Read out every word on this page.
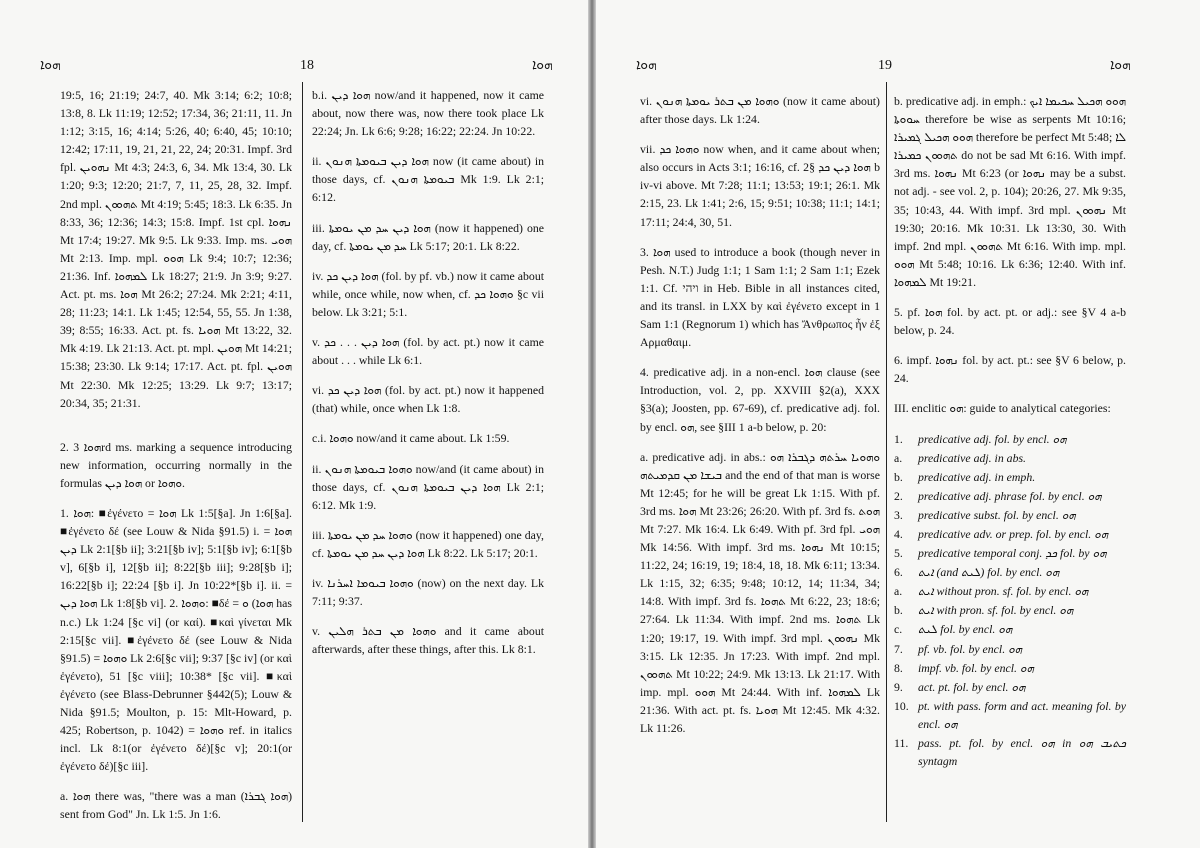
ܗܘܐ	18	ܗܘܐ

19:5, 16; 21:19; 24:7, 40. Mk 3:14; 6:2; 10:8; 13:8, 8. Lk 11:19; 12:52; 17:34, 36; 21:11, 11. Jn 1:12; 3:15, 16; 4:14; 5:26, 40; 6:40, 45; 10:10; 12:42; 17:11, 19, 21, 21, 22, 24; 20:31. Impf. 3rd fpl. ܢܗܘܝܢ Mt 4:3; 24:3, 6, 34. Mk 13:4, 30. Lk 1:20; 9:3; 12:20; 21:7, 7, 11, 25, 28, 32. Impf. 2nd mpl. ܬܗܘܘܢ Mt 4:19; 5:45; 18:3. Lk 6:35. Jn 8:33, 36; 12:36; 14:3; 15:8. Impf. 1st cpl. ܢܗܘܐ Mt 17:4; 19:27. Mk 9:5. Lk 9:33. Imp. ms. ܗܘܝ Mt 2:13. Imp. mpl. ܗܘܘ Lk 9:4; 10:7; 12:36; 21:36. Inf. ܠܡܗܘܐ Lk 18:27; 21:9. Jn 3:9; 9:27. Act. pt. ms. ܗܘܐ Mt 26:2; 27:24. Mk 2:21; 4:11, 28; 11:23; 14:1. Lk 1:45; 12:54, 55, 55. Jn 1:38, 39; 8:55; 16:33. Act. pt. fs. ܗܘܝܐ Mt 13:22, 32. Mk 4:19. Lk 21:13. Act. pt. mpl. ܗܘܝܢ Mt 14:21; 15:38; 23:30. Lk 9:14; 17:17. Act. pt. fpl. ܗܘܝܢ Mt 22:30. Mk 12:25; 13:29. Lk 9:7; 13:17; 20:34, 35; 21:31.

2. ܗܘܐ 3rd ms. marking a sequence introducing new information, occurring normally in the formulas ܗܘܐ ܕܝܢ or ܘܗܘܐ.

1. ܗܘܐ: ■ἐγένετο = ܗܘܐ Lk 1:5[§a]. Jn 1:6[§a]. ■ἐγένετο δέ (see Louw & Nida §91.5) i. = ܗܘܐ ܕܝܢ Lk 2:1[§b ii]; 3:21[§b iv]; 5:1[§b iv]; 6:1[§b v], 6[§b i], 12[§b ii]; 8:22[§b iii]; 9:28[§b i]; 16:22[§b i]; 22:24 [§b i]. Jn 10:22*[§b i]. ii. = ܗܘܐ ܕܝܢ Lk 1:8[§b vi]. 2. ܘܗܘܐ: ■δέ = ܘ (ܗܘܐ has n.c.) Lk 1:24 [§c vi] (or καί). ■καὶ γίνεται Mk 2:15[§c vii]. ■ἐγένετο δέ (see Louw & Nida §91.5) = ܘܗܘܐ Lk 2:6[§c vii]; 9:37 [§c iv] (or καὶ ἐγένετο), 51 [§c viii]; 10:38* [§c vii]. ■καὶ ἐγένετο (see Blass-Debrunner §442(5); Louw & Nida §91.5; Moulton, p. 15: Mlt-Howard, p. 425; Robertson, p. 1042) = ܘܗܘܐ ref. in italics incl. Lk 8:1(or ἐγένετο δέ)[§c v]; 20:1(or ἐγένετο δέ)[§c iii].

a. ܗܘܐ there was, "there was a man (ܗܘܐ ܓܒܪܐ) sent from God" Jn. Lk 1:5. Jn 1:6.

b.i. ܗܘܐ ܕܝܢ now/and it happened, now it came about, now there was, now there took place Lk 22:24; Jn. Lk 6:6; 9:28; 16:22; 22:24. Jn 10:22.

ii. ܗܘܐ ܕܝܢ ܒܝܘܡܬܐ ܗܢܘܢ now (it came about) in those days, cf. ܒܝܘܡܬܐ ܗܢܘܢ Mk 1:9. Lk 2:1; 6:12.

iii. ܗܘܐ ܕܝܢ ܚܕ ܡܢ ܝܘܡܬܐ (now it happened) one day, cf. ܚܕ ܡܢ ܝܘܡܬܐ Lk 5:17; 20:1. Lk 8:22.

iv. ܗܘܐ ܕܝܢ ܟܕ (fol. by pf. vb.) now it came about while, once while, now when, cf. ܘܗܘܐ ܟܕ §c vii below. Lk 3:21; 5:1.

v. ܗܘܐ ܕܝܢ . . . ܟܕ (fol. by act. pt.) now it came about . . . while Lk 6:1.

vi. ܗܘܐ ܕܝܢ ܟܕ (fol. by act. pt.) now it happened (that) while, once when Lk 1:8.

c.i. ܘܗܘܐ now/and it came about. Lk 1:59.

ii. ܘܗܘܐ ܒܝܘܡܬܐ ܗܢܘܢ now/and (it came about) in those days, cf. ܗܘܐ ܕܝܢ ܒܝܘܡܬܐ ܗܢܘܢ Lk 2:1; 6:12. Mk 1:9.

iii. ܘܗܘܐ ܚܕ ܡܢ ܝܘܡܬܐ (now it happened) one day, cf. ܗܘܐ ܕܝܢ ܚܕ ܡܢ ܝܘܡܬܐ Lk 8:22. Lk 5:17; 20:1.

iv. ܘܗܘܐ ܒܝܘܡܐ ܐܚܪܢܐ (now) on the next day. Lk 7:11; 9:37.

v. ܘܗܘܐ ܡܢ ܒܬܪ ܗܠܝܢ and it came about afterwards, after these things, after this. Lk 8:1.

ܗܘܐ	19	ܗܘܐ

vi. ܘܗܘܐ ܡܢ ܒܬܪ ܝܘܡܬܐ ܗܢܘܢ (now it came about) after those days. Lk 1:24.

vii. ܘܗܘܐ ܟܕ now when, and it came about when; also occurs in Acts 3:1; 16:16, cf. ܗܘܐ ܕܝܢ ܟܕ §2 b iv-vi above. Mt 7:28; 11:1; 13:53; 19:1; 26:1. Mk 2:15, 23. Lk 1:41; 2:6, 15; 9:51; 10:38; 11:1; 14:1; 17:11; 24:4, 30, 51.

3. ܗܘܐ used to introduce a book (though never in Pesh. N.T.) Judg 1:1; 1 Sam 1:1; 2 Sam 1:1; Ezek 1:1. Cf. ויהי in Heb. Bible in all instances cited, and its transl. in LXX by καὶ ἐγένετο except in 1 Sam 1:1 (Regnorum 1) which has Ἄνθρωπος ἦν ἐξ Αρμαθαιμ.

4. predicative adj. in a non-encl. ܗܘܐ clause (see Introduction, vol. 2, pp. XXVIII §2(a), XXX §3(a); Joosten, pp. 67-69), cf. predicative adj. fol. by encl. ܗܘ, see §III 1 a-b below, p. 20:

a. predicative adj. in abs.: ܘܗܘܝܐ ܚܪܬܗ ܕܓܒܪܐ ܗܘ ܒܝܫܐ ܡܢ ܩܕܡܝܬܗ and the end of that man is worse Mt 12:45; for he will be great Lk 1:15. With pf. 3rd ms. ܗܘܐ Mt 23:26; 26:20. With pf. 3rd fs. ܗܘܬ Mt 7:27. Mk 16:4. Lk 6:49. With pf. 3rd fpl. ܗܘܝ Mk 14:56. With impf. 3rd ms. ܢܗܘܐ Mt 10:15; 11:22, 24; 16:19, 19; 18:4, 18, 18. Mk 6:11; 13:34. Lk 1:15, 32; 6:35; 9:48; 10:12, 14; 11:34, 34; 14:8. With impf. 3rd fs. ܬܗܘܐ Mt 6:22, 23; 18:6; 27:64. Lk 11:34. With impf. 2nd ms. ܬܗܘܐ Lk 1:20; 19:17, 19. With impf. 3rd mpl. ܢܗܘܘܢ Mk 3:15. Lk 12:35. Jn 17:23. With impf. 2nd mpl. ܬܗܘܘܢ Mt 10:22; 24:9. Mk 13:13. Lk 21:17. With imp. mpl. ܗܘܘ Mt 24:44. With inf. ܠܡܗܘܐ Lk 21:36. With act. pt. fs. ܗܘܝܐ Mt 12:45. Mk 4:32. Lk 11:26.

b. predicative adj. in emph.: ܗܘܘ ܗܟܝܠ ܚܟܝܡܐ ܐܝܟ ܚܘܘܬܐ therefore be wise as serpents Mt 10:16; ܗܘܘ ܗܟܝܠ ܓܡܝܪܐ therefore be perfect Mt 5:48; ܠܐ ܬܗܘܘܢ ܟܡܝܪܐ do not be sad Mt 6:16. With impf. 3rd ms. ܢܗܘܐ Mt 6:23 (or ܢܗܘܐ may be a subst. not adj. - see vol. 2, p. 104); 20:26, 27. Mk 9:35, 35; 10:43, 44. With impf. 3rd mpl. ܢܗܘܘܢ Mt 19:30; 20:16. Mk 10:31. Lk 13:30, 30. With impf. 2nd mpl. ܬܗܘܘܢ Mt 6:16. With imp. mpl. ܗܘܘ Mt 5:48; 10:16. Lk 6:36; 12:40. With inf. ܠܡܗܘܐ Mt 19:21.

5. pf. ܗܘܐ fol. by act. pt. or adj.: see §V 4 a-b below, p. 24.

6. impf. ܢܗܘܐ fol. by act. pt.: see §V 6 below, p. 24.

III. enclitic ܗܘ: guide to analytical categories:

1.	predicative adj. fol. by encl. ܗܘ
a.	predicative adj. in abs.
b.	predicative adj. in emph.
2.	predicative adj. phrase fol. by encl. ܗܘ
3.	predicative subst. fol. by encl. ܗܘ
4.	predicative adv. or prep. fol. by encl. ܗܘ
5.	predicative temporal conj. ܟܕ fol. by ܗܘ
6.	ܐܝܬ (and ܠܝܬ) fol. by encl. ܗܘ
a.	ܐܝܬ without pron. sf. fol. by encl. ܗܘ
b.	ܐܝܬ with pron. sf. fol. by encl. ܗܘ
c.	ܠܝܬ fol. by encl. ܗܘ
7.	pf. vb. fol. by encl. ܗܘ
8.	impf. vb. fol. by encl. ܗܘ
9.	act. pt. fol. by encl. ܗܘ
10. pt. with pass. form and act. meaning fol. by encl. ܗܘ
11. pass. pt. fol. by encl. ܗܘ in ܟܬܝܒ ܗܘ syntagm
